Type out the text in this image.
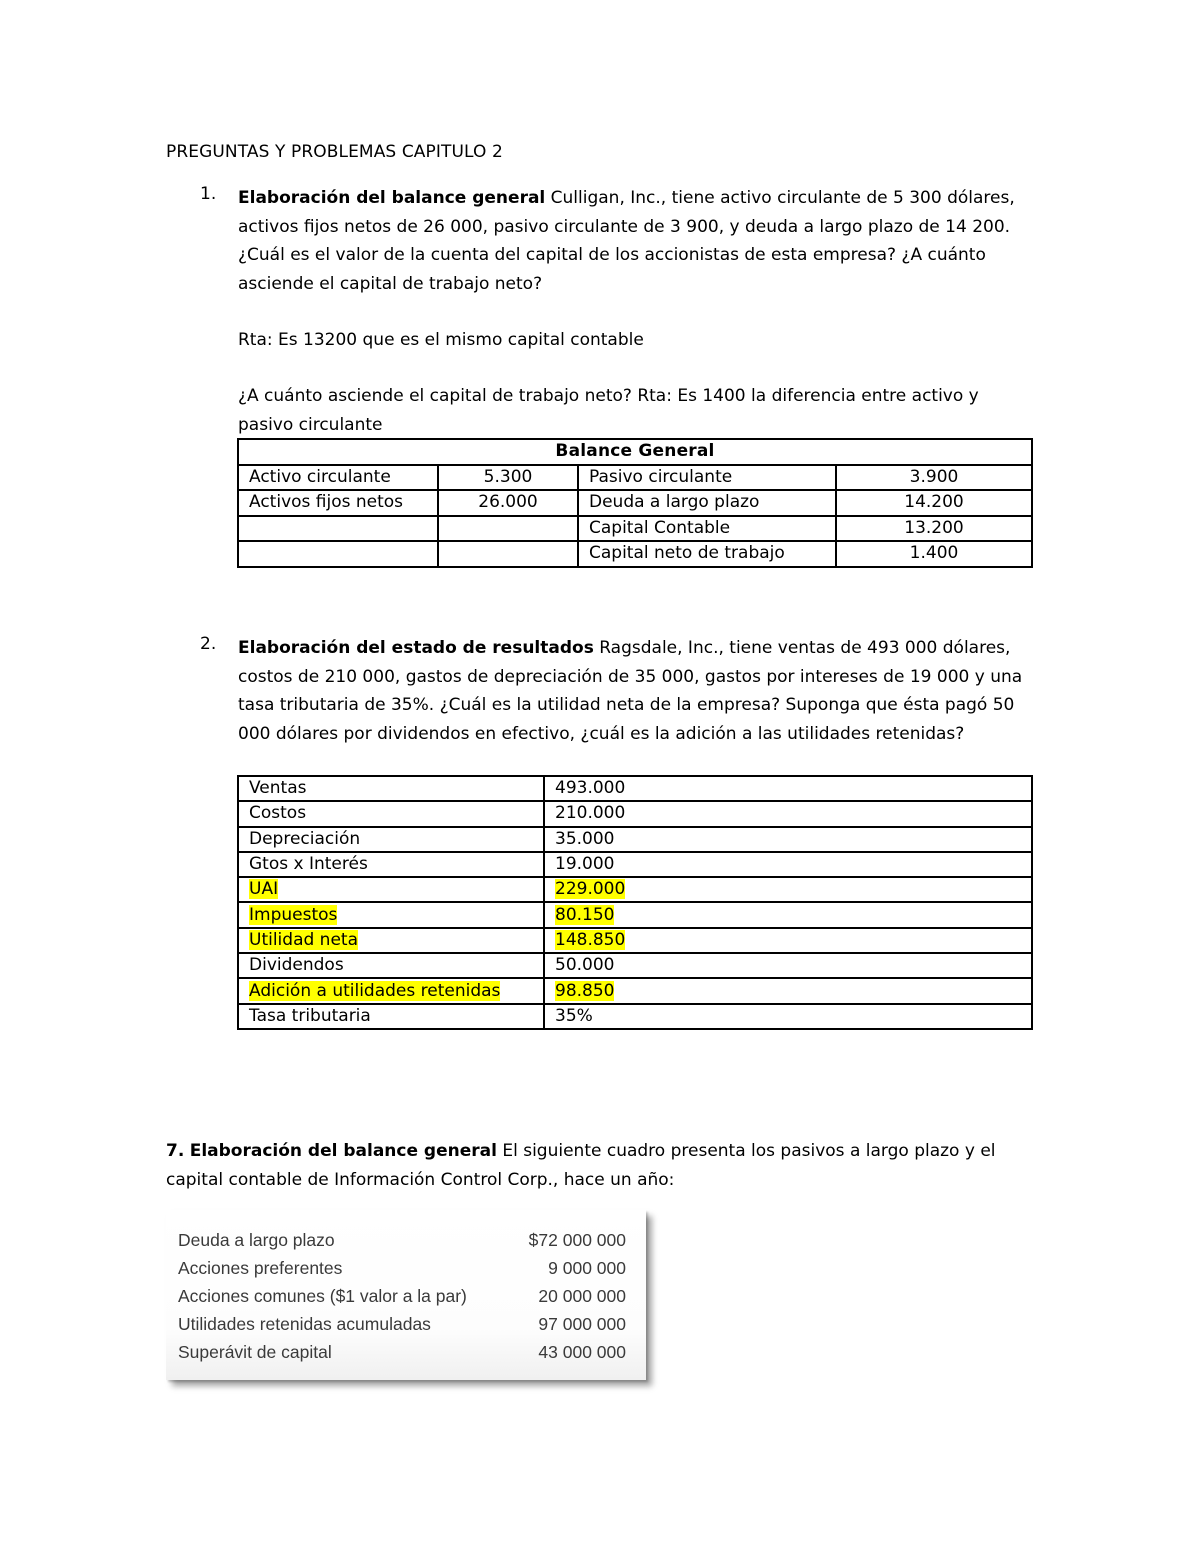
PREGUNTAS Y PROBLEMAS CAPITULO 2
1. Elaboración del balance general Culligan, Inc., tiene activo circulante de 5 300 dólares, activos fijos netos de 26 000, pasivo circulante de 3 900, y deuda a largo plazo de 14 200. ¿Cuál es el valor de la cuenta del capital de los accionistas de esta empresa? ¿A cuánto asciende el capital de trabajo neto?
Rta: Es 13200 que es el mismo capital contable
¿A cuánto asciende el capital de trabajo neto? Rta: Es 1400 la diferencia entre activo y pasivo circulante
Balance General			
Activo circulante	5.300	Pasivo circulante	3.900
Activos fijos netos	26.000	Deuda a largo plazo	14.200
		Capital Contable	13.200
		Capital neto de trabajo	1.400
2. Elaboración del estado de resultados Ragsdale, Inc., tiene ventas de 493 000 dólares, costos de 210 000, gastos de depreciación de 35 000, gastos por intereses de 19 000 y una tasa tributaria de 35%. ¿Cuál es la utilidad neta de la empresa? Suponga que ésta pagó 50 000 dólares por dividendos en efectivo, ¿cuál es la adición a las utilidades retenidas?
Ventas	493.000
Costos	210.000
Depreciación	35.000
Gtos x Interés	19.000
UAI	229.000
Impuestos	80.150
Utilidad neta	148.850
Dividendos	50.000
Adición a utilidades retenidas	98.850
Tasa tributaria	35%
7. Elaboración del balance general El siguiente cuadro presenta los pasivos a largo plazo y el capital contable de Información Control Corp., hace un año:
Deuda a largo plazo	$72 000 000
Acciones preferentes	9 000 000
Acciones comunes ($1 valor a la par)	20 000 000
Utilidades retenidas acumuladas	97 000 000
Superávit de capital	43 000 000
